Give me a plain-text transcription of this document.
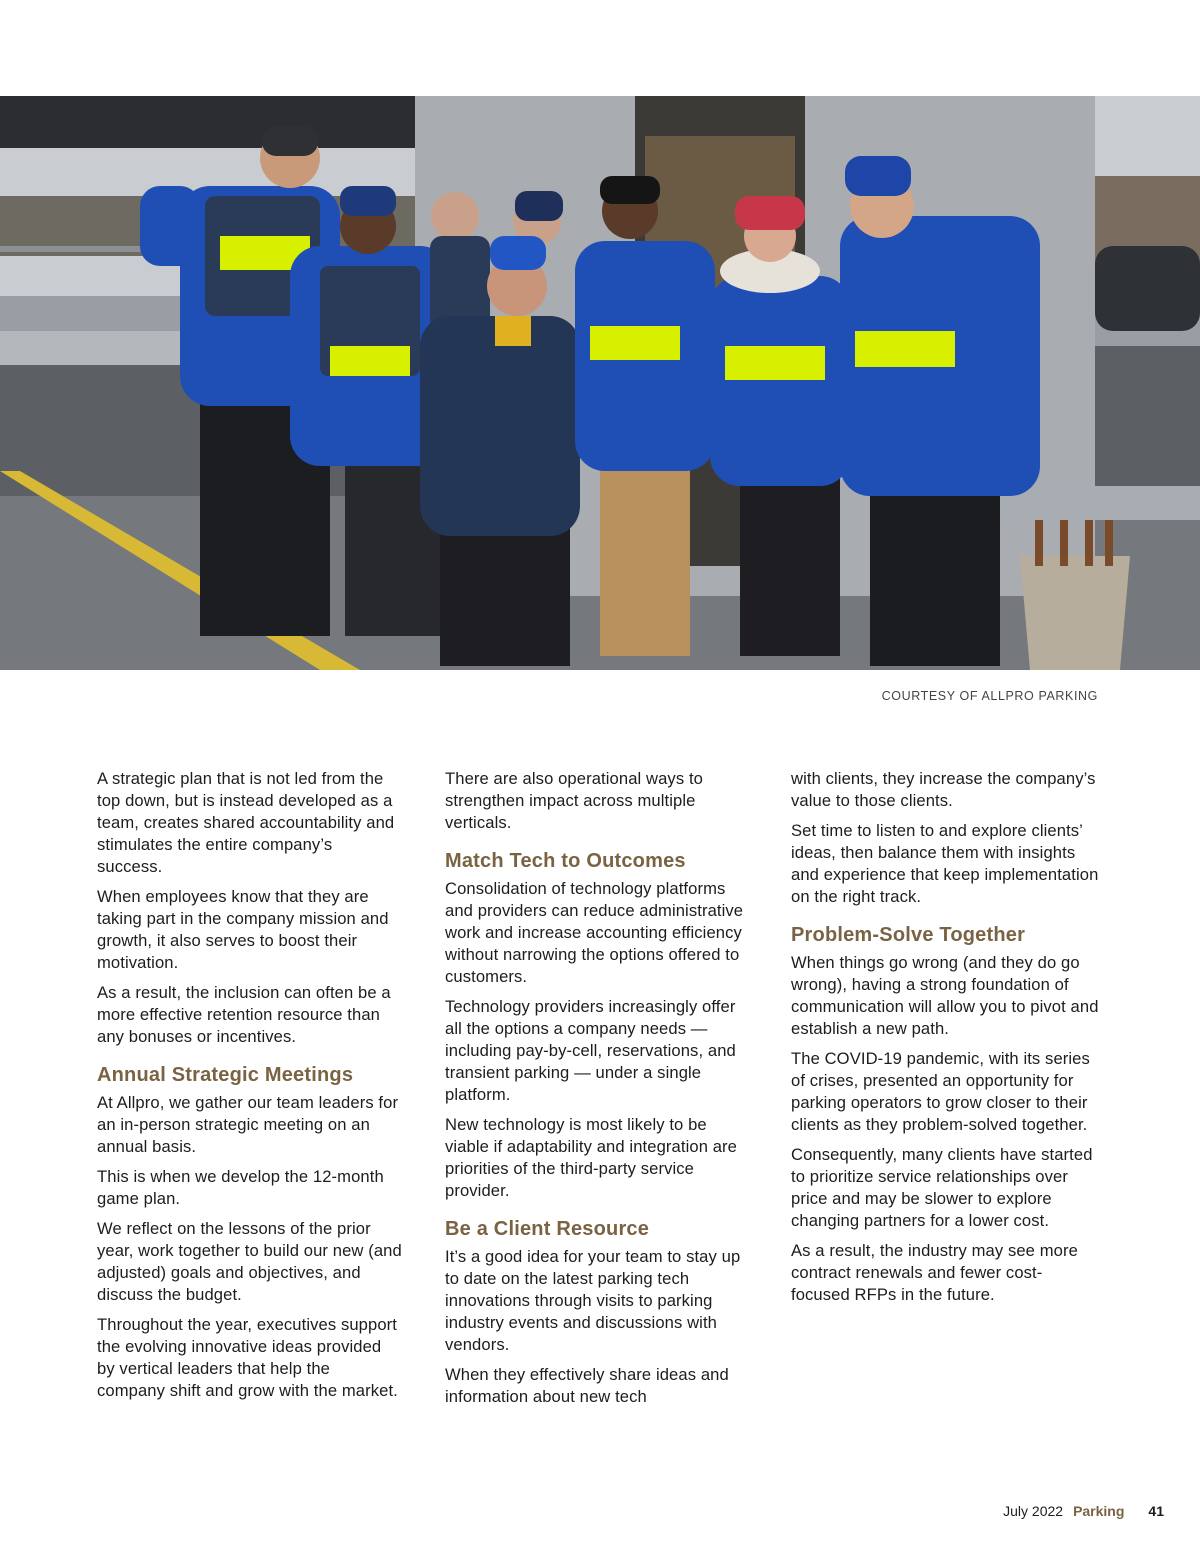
COURTESY OF ALLPRO PARKING

A strategic plan that is not led from the top down, but is instead developed as a team, creates shared accountability and stimulates the entire company’s success.

When employees know that they are taking part in the company mission and growth, it also serves to boost their motivation.

As a result, the inclusion can often be a more effective retention resource than any bonuses or incentives.

Annual Strategic Meetings

At Allpro, we gather our team leaders for an in-person strategic meeting on an annual basis.

This is when we develop the 12-month game plan.

We reflect on the lessons of the prior year, work together to build our new (and adjusted) goals and objectives, and discuss the budget.

Throughout the year, executives support the evolving innovative ideas provided by vertical leaders that help the company shift and grow with the market.

There are also operational ways to strengthen impact across multiple verticals.

Match Tech to Outcomes

Consolidation of technology platforms and providers can reduce administrative work and increase accounting efficiency without narrowing the options offered to customers.

Technology providers increasingly offer all the options a company needs — including pay-by-cell, reservations, and transient parking — under a single platform.

New technology is most likely to be viable if adaptability and integration are priorities of the third-party service provider.

Be a Client Resource

It’s a good idea for your team to stay up to date on the latest parking tech innovations through visits to parking industry events and discussions with vendors.

When they effectively share ideas and information about new tech

with clients, they increase the company’s value to those clients.

Set time to listen to and explore clients’ ideas, then balance them with insights and experience that keep implementation on the right track.

Problem-Solve Together

When things go wrong (and they do go wrong), having a strong foundation of communication will allow you to pivot and establish a new path.

The COVID-19 pandemic, with its series of crises, presented an opportunity for parking operators to grow closer to their clients as they problem-solved together.

Consequently, many clients have started to prioritize service relationships over price and may be slower to explore changing partners for a lower cost.

As a result, the industry may see more contract renewals and fewer cost-focused RFPs in the future.

July 2022 Parking 41
